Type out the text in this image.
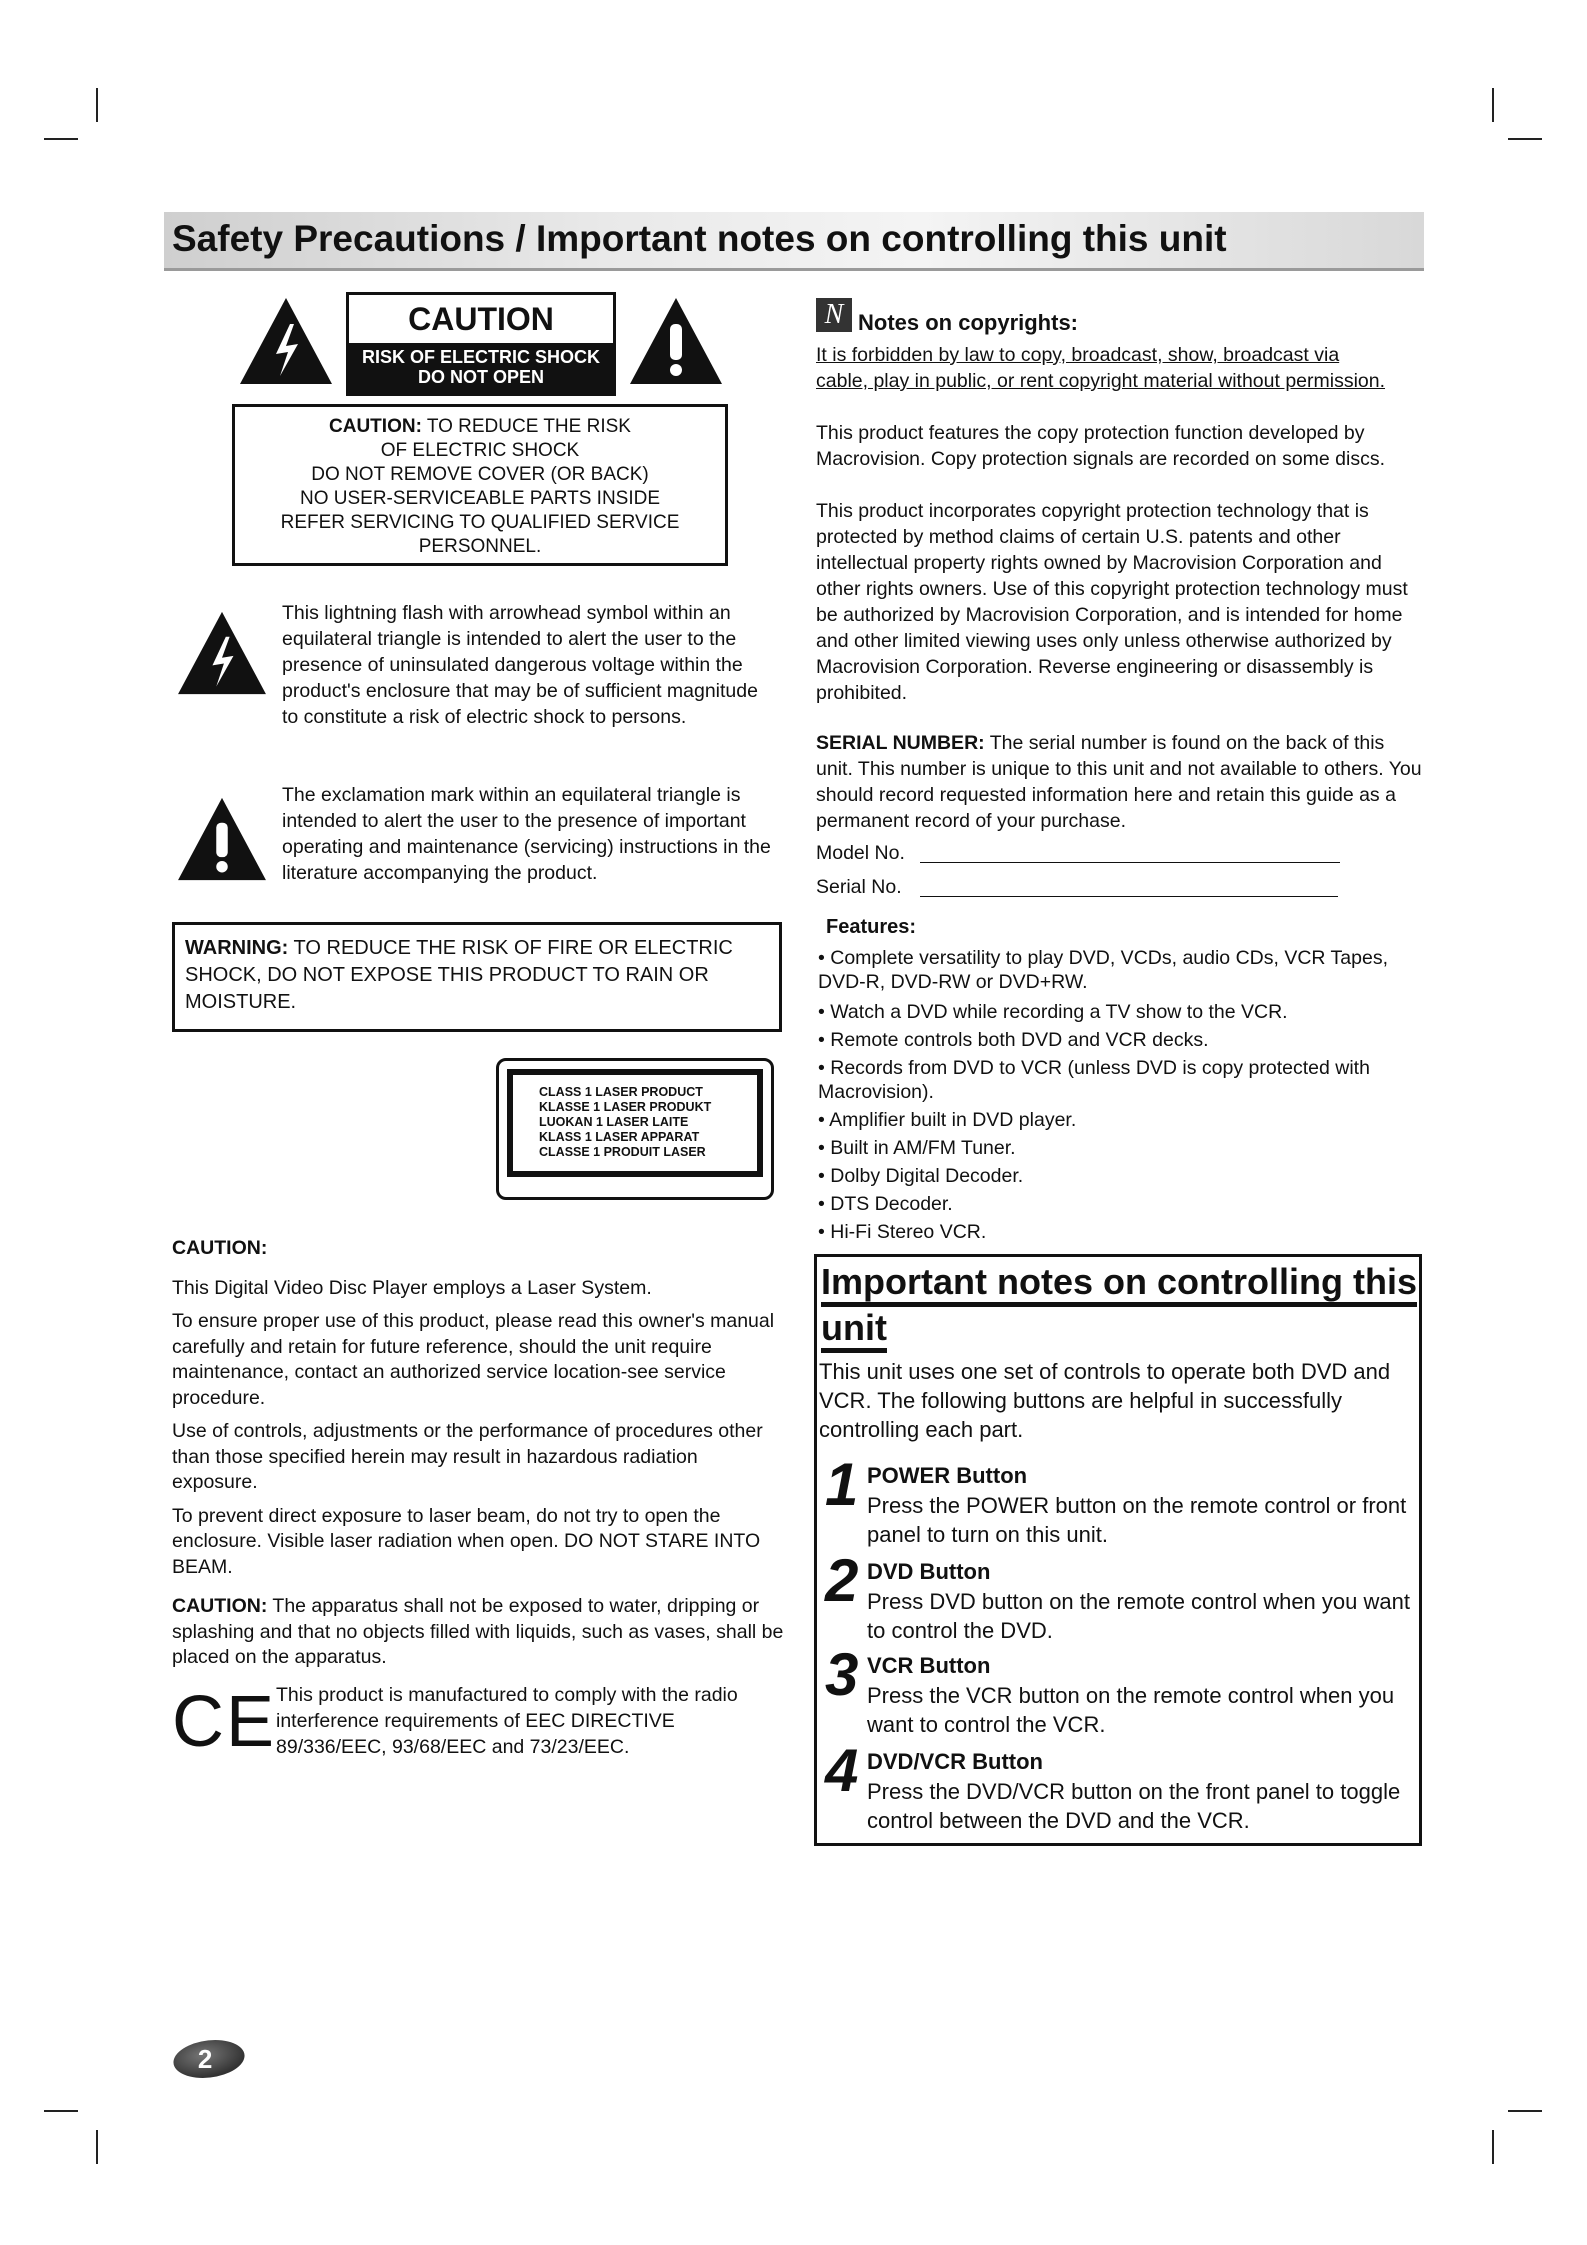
Safety Precautions / Important notes on controlling this unit
CAUTION
RISK OF ELECTRIC SHOCK
DO NOT OPEN
CAUTION: TO REDUCE THE RISK
OF ELECTRIC SHOCK
DO NOT REMOVE COVER (OR BACK)
NO USER-SERVICEABLE PARTS INSIDE
REFER SERVICING TO QUALIFIED SERVICE
PERSONNEL.
This lightning flash with arrowhead symbol within an equilateral triangle is intended to alert the user to the presence of uninsulated dangerous voltage within the product's enclosure that may be of sufficient magnitude to constitute a risk of electric shock to persons.
The exclamation mark within an equilateral triangle is intended to alert the user to the presence of important operating and maintenance (servicing) instructions in the literature accompanying the product.
WARNING: TO REDUCE THE RISK OF FIRE OR ELECTRIC SHOCK, DO NOT EXPOSE THIS PRODUCT TO RAIN OR MOISTURE.
CLASS 1 LASER PRODUCT
KLASSE 1 LASER PRODUKT
LUOKAN 1 LASER LAITE
KLASS 1 LASER APPARAT
CLASSE 1 PRODUIT LASER
CAUTION:
This Digital Video Disc Player employs a Laser System.
To ensure proper use of this product, please read this owner's manual carefully and retain for future reference, should the unit require maintenance, contact an authorized service location-see service procedure.
Use of controls, adjustments or the performance of procedures other than those specified herein may result in hazardous radiation exposure.
To prevent direct exposure to laser beam, do not try to open the enclosure. Visible laser radiation when open. DO NOT STARE INTO BEAM.
CAUTION: The apparatus shall not be exposed to water, dripping or splashing and that no objects filled with liquids, such as vases, shall be placed on the apparatus.
CE This product is manufactured to comply with the radio interference requirements of EEC DIRECTIVE 89/336/EEC, 93/68/EEC and 73/23/EEC.
N Notes on copyrights:
It is forbidden by law to copy, broadcast, show, broadcast via cable, play in public, or rent copyright material without permission.
This product features the copy protection function developed by Macrovision. Copy protection signals are recorded on some discs.
This product incorporates copyright protection technology that is protected by method claims of certain U.S. patents and other intellectual property rights owned by Macrovision Corporation and other rights owners. Use of this copyright protection technology must be authorized by Macrovision Corporation, and is intended for home and other limited viewing uses only unless otherwise authorized by Macrovision Corporation. Reverse engineering or disassembly is prohibited.
SERIAL NUMBER: The serial number is found on the back of this unit. This number is unique to this unit and not available to others. You should record requested information here and retain this guide as a permanent record of your purchase.
Model No.
Serial No.
Features:
• Complete versatility to play DVD, VCDs, audio CDs, VCR Tapes, DVD-R, DVD-RW or DVD+RW.
• Watch a DVD while recording a TV show to the VCR.
• Remote controls both DVD and VCR decks.
• Records from DVD to VCR (unless DVD is copy protected with Macrovision).
• Amplifier built in DVD player.
• Built in AM/FM Tuner.
• Dolby Digital Decoder.
• DTS Decoder.
• Hi-Fi Stereo VCR.
Important notes on controlling this
unit
This unit uses one set of controls to operate both DVD and VCR. The following buttons are helpful in successfully controlling each part.
1 POWER Button
Press the POWER button on the remote control or front panel to turn on this unit.
2 DVD Button
Press DVD button on the remote control when you want to control the DVD.
3 VCR Button
Press the VCR button on the remote control when you want to control the VCR.
4 DVD/VCR Button
Press the DVD/VCR button on the front panel to toggle control between the DVD and the VCR.
2
